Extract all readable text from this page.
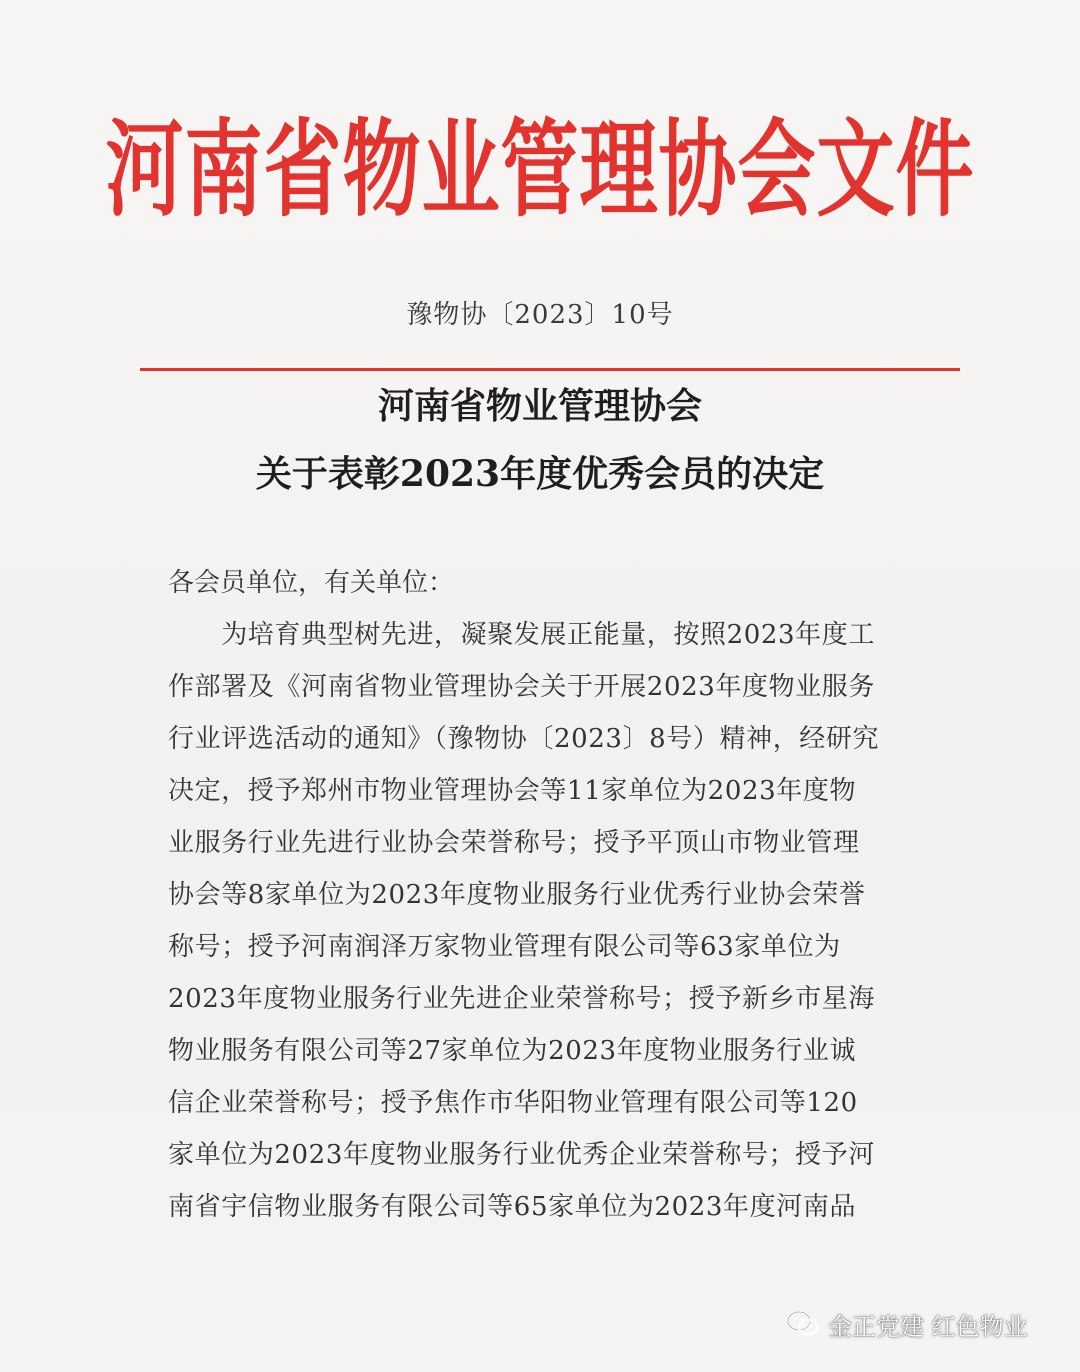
河南省物业管理协会文件
豫物协〔2023〕10号
河南省物业管理协会
关于表彰2023年度优秀会员的决定
各会员单位，有关单位：
　　为培育典型树先进，凝聚发展正能量，按照2023年度工
作部署及《河南省物业管理协会关于开展2023年度物业服务
行业评选活动的通知》（豫物协〔2023〕8号）精神，经研究
决定，授予郑州市物业管理协会等11家单位为2023年度物
业服务行业先进行业协会荣誉称号；授予平顶山市物业管理
协会等8家单位为2023年度物业服务行业优秀行业协会荣誉
称号；授予河南润泽万家物业管理有限公司等63家单位为
2023年度物业服务行业先进企业荣誉称号；授予新乡市星海
物业服务有限公司等27家单位为2023年度物业服务行业诚
信企业荣誉称号；授予焦作市华阳物业管理有限公司等120
家单位为2023年度物业服务行业优秀企业荣誉称号；授予河
南省宇信物业服务有限公司等65家单位为2023年度河南品
金正党建 红色物业
